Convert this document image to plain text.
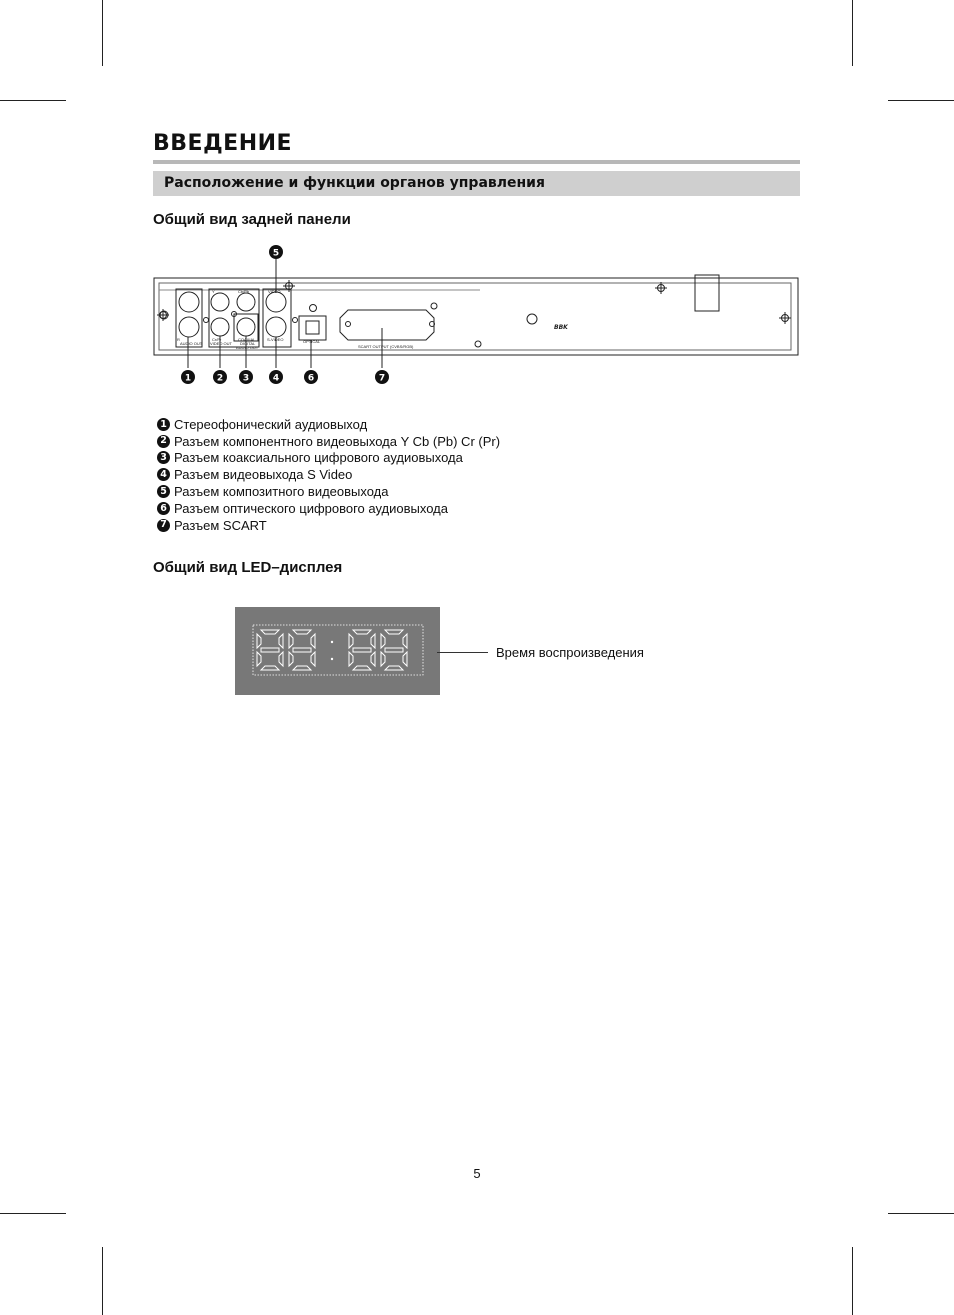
ВВЕДЕНИЕ
Расположение и функции органов управления
Общий вид задней панели
AUDIO OUT VIDEO OUT
Y	Cb/Pb
Cr/Pr
R
VIDEO
COAXIAL
DIGITAL
AUDIO OUT
S-VIDEO	OPTICAL
SCART OUTPUT (CVBS/RGB)
BBK
5
1	2 3	4	6	7
1 Стереофонический аудиовыход
2 Разъем компонентного видеовыхода Y Cb (Pb) Cr (Pr)
3 Разъем коаксиального цифрового аудиовыхода
4 Разъем видеовыхода S Video
5 Разъем композитного видеовыхода
6 Разъем оптического цифрового аудиовыхода
7 Разъем SCART
Общий вид LED–дисплея
Время воспроизведения
5
